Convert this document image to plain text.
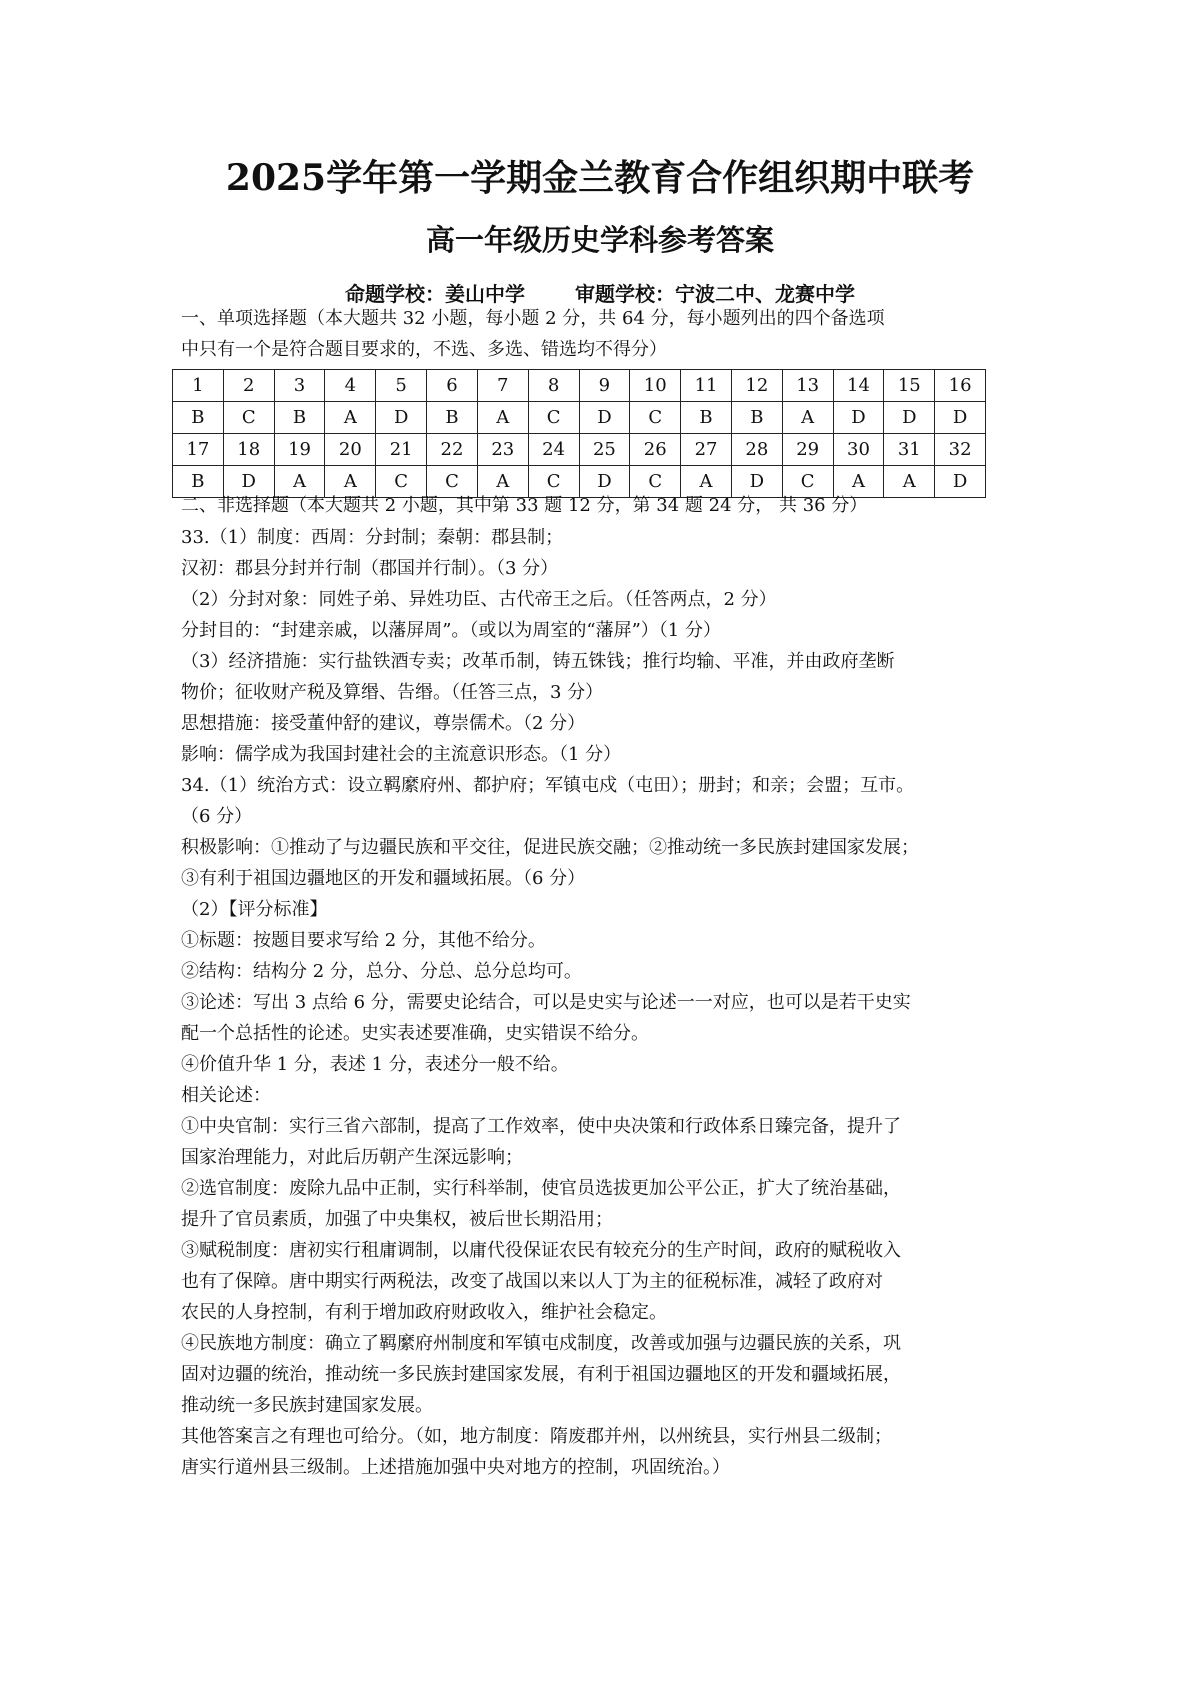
2025学年第一学期金兰教育合作组织期中联考
高一年级历史学科参考答案
命题学校：姜山中学	审题学校：宁波二中、龙赛中学
一、单项选择题（本大题共 32 小题，每小题 2 分，共 64 分，每小题列出的四个备选项
中只有一个是符合题目要求的，不选、多选、错选均不得分）
1	2	3	4	5	6	7	8	9	10	11	12	13	14	15	16
B	C	B	A	D	B	A	C	D	C	B	B	A	D	D	D
17	18	19	20	21	22	23	24	25	26	27	28	29	30	31	32
B	D	A	A	C	C	A	C	D	C	A	D	C	A	A	D
二、非选择题（本大题共 2 小题，其中第 33 题 12 分，第 34 题 24 分， 共 36 分）
33.（1）制度：西周：分封制；秦朝：郡县制；
汉初：郡县分封并行制（郡国并行制）。（3 分）
（2）分封对象：同姓子弟、异姓功臣、古代帝王之后。（任答两点，2 分）
分封目的：“封建亲戚，以藩屏周”。（或以为周室的“藩屏”）（1 分）
（3）经济措施：实行盐铁酒专卖；改革币制，铸五铢钱；推行均输、平准，并由政府垄断
物价；征收财产税及算缗、告缗。（任答三点，3 分）
思想措施：接受董仲舒的建议，尊崇儒术。（2 分）
影响：儒学成为我国封建社会的主流意识形态。（1 分）
34.（1）统治方式：设立羁縻府州、都护府；军镇屯戍（屯田）；册封；和亲；会盟；互市。
（6 分）
积极影响：①推动了与边疆民族和平交往，促进民族交融；②推动统一多民族封建国家发展；
③有利于祖国边疆地区的开发和疆域拓展。（6 分）
（2）【评分标准】
①标题：按题目要求写给 2 分，其他不给分。
②结构：结构分 2 分，总分、分总、总分总均可。
③论述：写出 3 点给 6 分，需要史论结合，可以是史实与论述一一对应，也可以是若干史实
配一个总括性的论述。史实表述要准确，史实错误不给分。
④价值升华 1 分，表述 1 分，表述分一般不给。
相关论述：
①中央官制：实行三省六部制，提高了工作效率，使中央决策和行政体系日臻完备，提升了
国家治理能力，对此后历朝产生深远影响；
②选官制度：废除九品中正制，实行科举制，使官员选拔更加公平公正，扩大了统治基础，
提升了官员素质，加强了中央集权，被后世长期沿用；
③赋税制度：唐初实行租庸调制，以庸代役保证农民有较充分的生产时间，政府的赋税收入
也有了保障。唐中期实行两税法，改变了战国以来以人丁为主的征税标准，减轻了政府对
农民的人身控制，有利于增加政府财政收入，维护社会稳定。
④民族地方制度：确立了羁縻府州制度和军镇屯戍制度，改善或加强与边疆民族的关系，巩
固对边疆的统治，推动统一多民族封建国家发展，有利于祖国边疆地区的开发和疆域拓展，
推动统一多民族封建国家发展。
其他答案言之有理也可给分。（如，地方制度：隋废郡并州，以州统县，实行州县二级制；
唐实行道州县三级制。上述措施加强中央对地方的控制，巩固统治。）
